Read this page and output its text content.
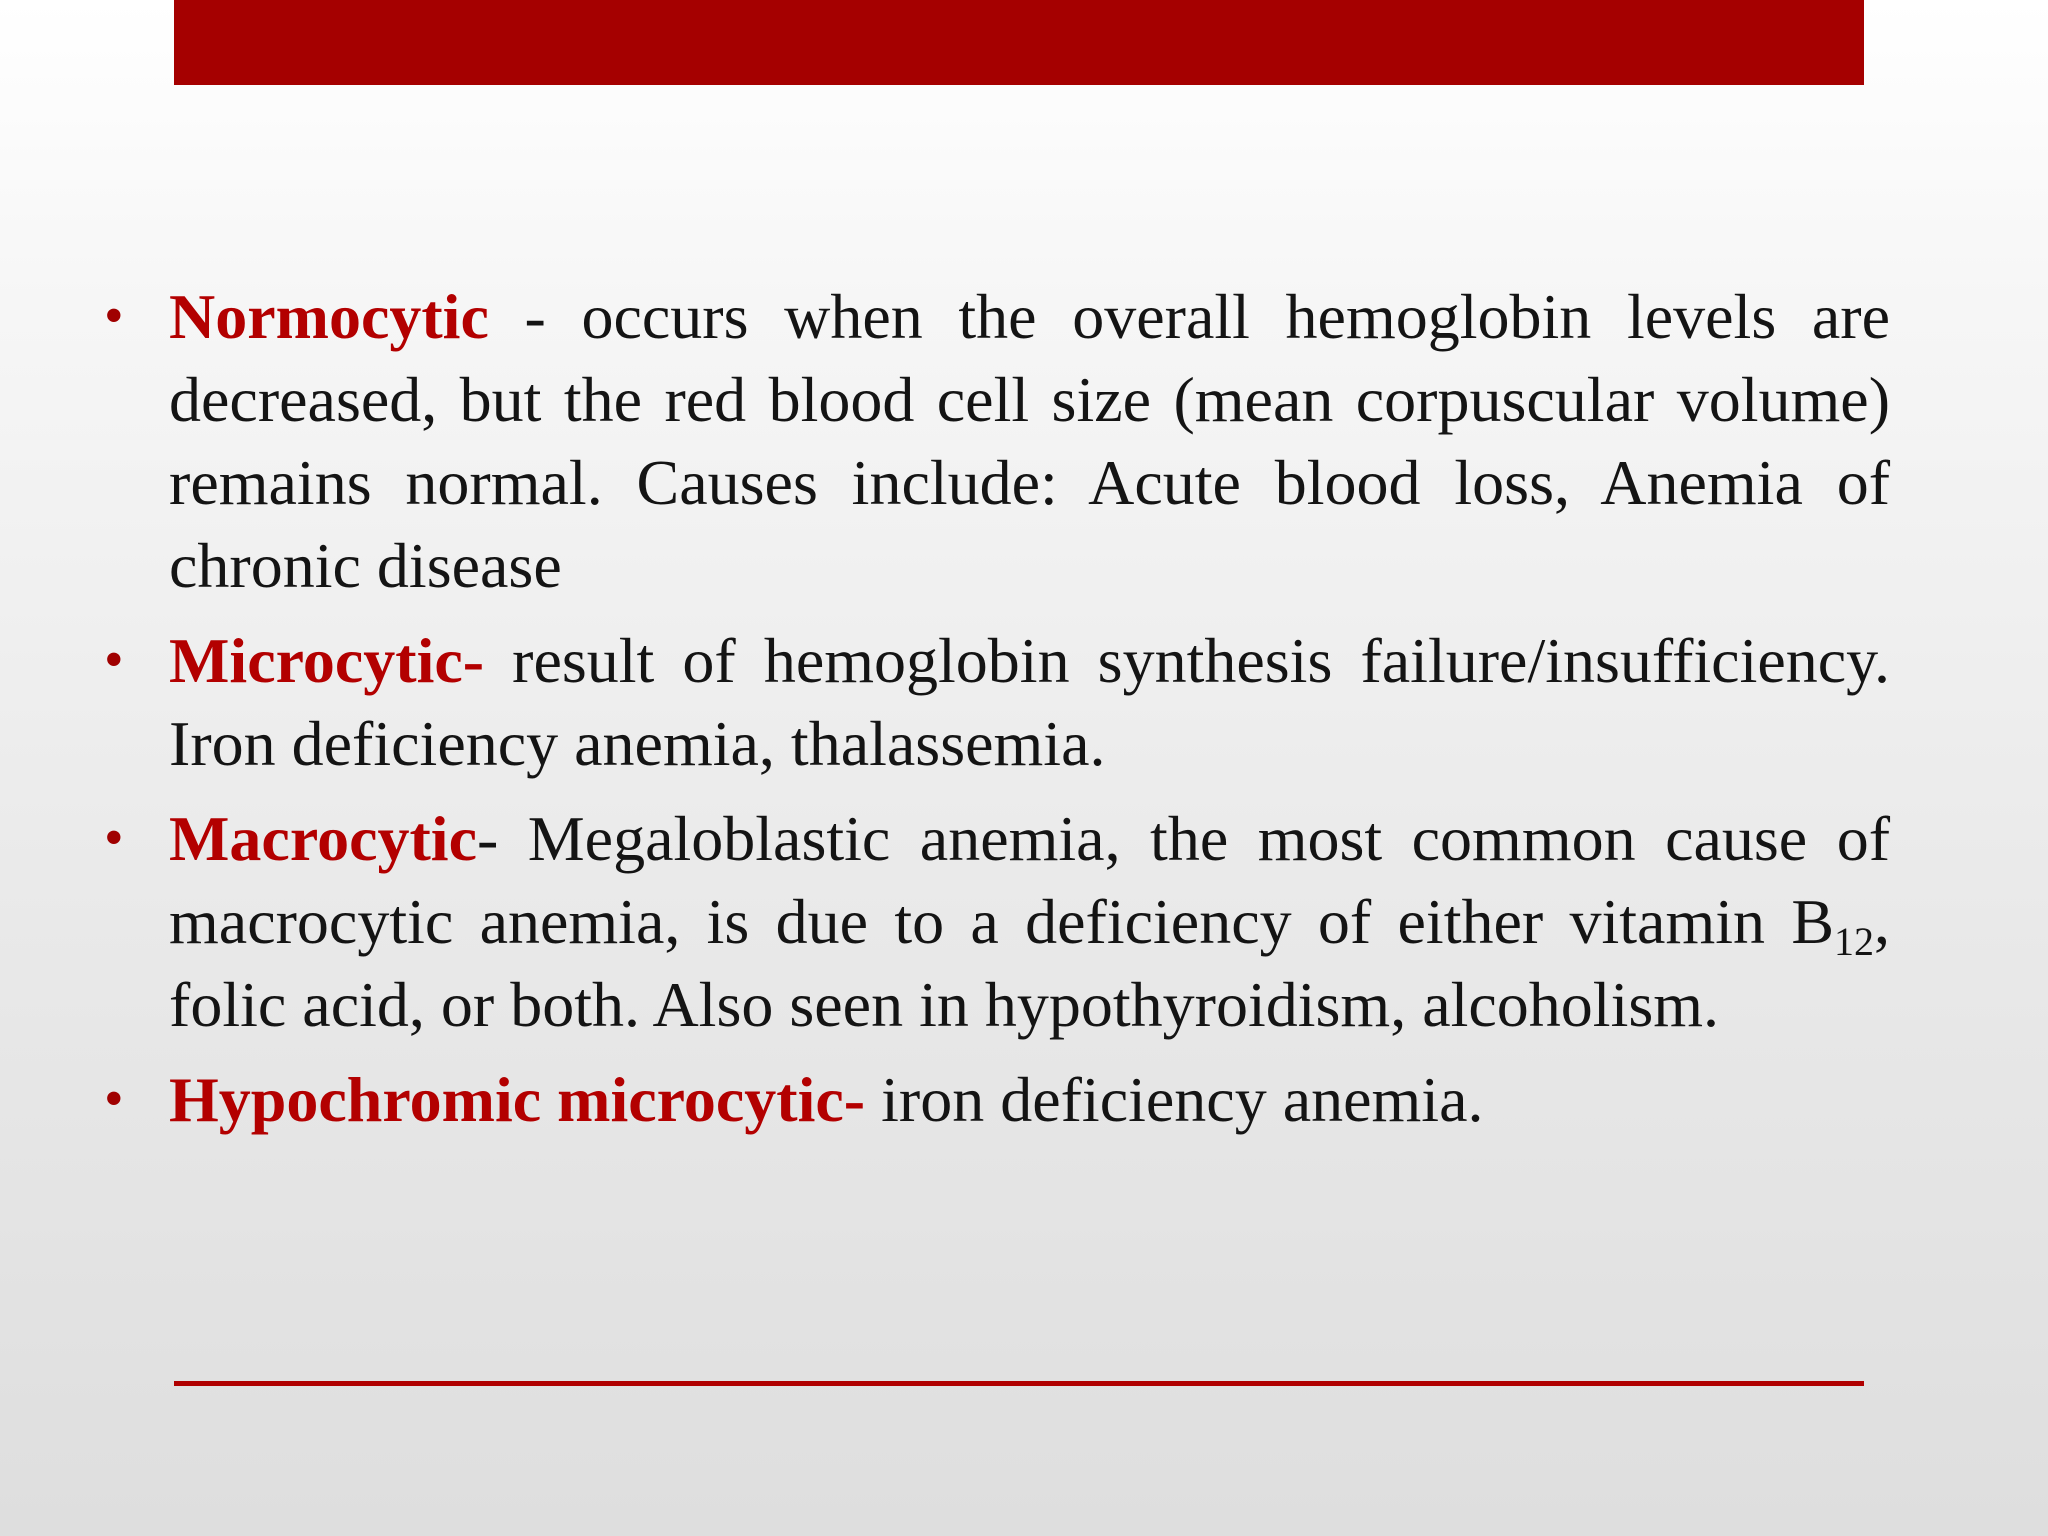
• Normocytic - occurs when the overall hemoglobin levels are decreased, but the red blood cell size (mean corpuscular volume) remains normal. Causes include: Acute blood loss, Anemia of chronic disease
• Microcytic- result of hemoglobin synthesis failure/insufficiency. Iron deficiency anemia, thalassemia.
• Macrocytic- Megaloblastic anemia, the most common cause of macrocytic anemia, is due to a deficiency of either vitamin $B_{12}$, folic acid, or both. Also seen in hypothyroidism, alcoholism.
• Hypochromic microcytic- iron deficiency anemia.
